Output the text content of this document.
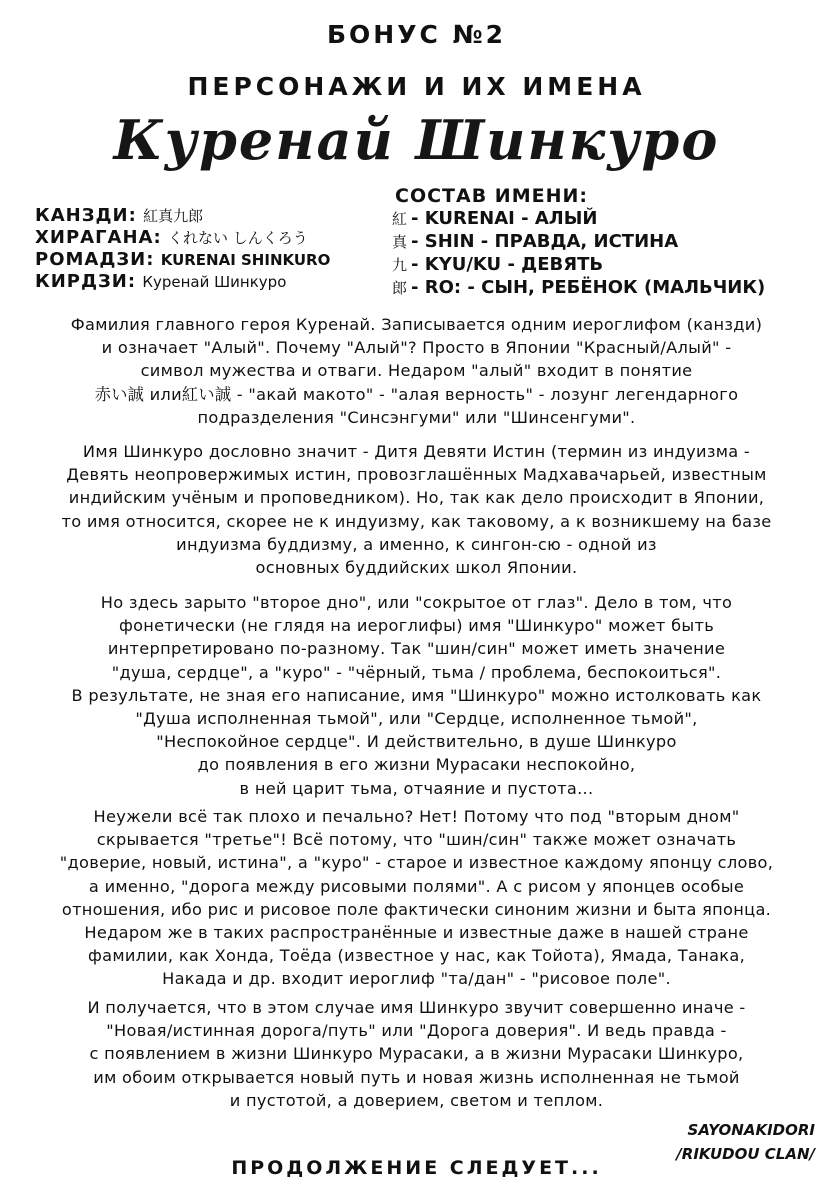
БОНУС №2
ПЕРСОНАЖИ И ИХ ИМЕНА
Куренай Шинкуро
КАНЗДИ: 紅真九郎
ХИРАГАНА: くれない しんくろう
РОМАДЗИ: KURENAI SHINKURO
КИРДЗИ: Куренай Шинкуро
СОСТАВ ИМЕНИ:
紅 - KURENAI - АЛЫЙ
真 - SHIN - ПРАВДА, ИСТИНА
九 - KYU/KU - ДЕВЯТЬ
郎 - RO: - СЫН, РЕБЁНОК (МАЛЬЧИК)
Фамилия главного героя Куренай. Записывается одним иероглифом (канзди)
и означает "Алый". Почему "Алый"? Просто в Японии "Красный/Алый" -
символ мужества и отваги. Недаром "алый" входит в понятие
赤い誠 или紅い誠 - "акай макото" - "алая верность" - лозунг легендарного
подразделения "Синсэнгуми" или "Шинсенгуми".
Имя Шинкуро дословно значит - Дитя Девяти Истин (термин из индуизма -
Девять неопровержимых истин, провозглашённых Мадхавачарьей, известным
индийским учёным и проповедником). Но, так как дело происходит в Японии,
то имя относится, скорее не к индуизму, как таковому, а к возникшему на базе
индуизма буддизму, а именно, к сингон-сю - одной из
основных буддийских школ Японии.
Но здесь зарыто "второе дно", или "сокрытое от глаз". Дело в том, что
фонетически (не глядя на иероглифы) имя "Шинкуро" может быть
интерпретировано по-разному. Так "шин/син" может иметь значение
"душа, сердце", а "куро" - "чёрный, тьма / проблема, беспокоиться".
В результате, не зная его написание, имя "Шинкуро" можно истолковать как
"Душа исполненная тьмой", или "Сердце, исполненное тьмой",
"Неспокойное сердце". И действительно, в душе Шинкуро
до появления в его жизни Мурасаки неспокойно,
в ней царит тьма, отчаяние и пустота...
Неужели всё так плохо и печально? Нет! Потому что под "вторым дном"
скрывается "третье"! Всё потому, что "шин/син" также может означать
"доверие, новый, истина", а "куро" - старое и известное каждому японцу слово,
а именно, "дорога между рисовыми полями". А с рисом у японцев особые
отношения, ибо рис и рисовое поле фактически синоним жизни и быта японца.
Недаром же в таких распространённые и известные даже в нашей стране
фамилии, как Хонда, Тоёда (известное у нас, как Тойота), Ямада, Танака,
Накада и др. входит иероглиф "та/дан" - "рисовое поле".
И получается, что в этом случае имя Шинкуро звучит совершенно иначе -
"Новая/истинная дорога/путь" или "Дорога доверия". И ведь правда -
с появлением в жизни Шинкуро Мурасаки, а в жизни Мурасаки Шинкуро,
им обоим открывается новый путь и новая жизнь исполненная не тьмой
и пустотой, а доверием, светом и теплом.
SAYONAKIDORI
/RIKUDOU CLAN/
ПРОДОЛЖЕНИЕ СЛЕДУЕТ...
